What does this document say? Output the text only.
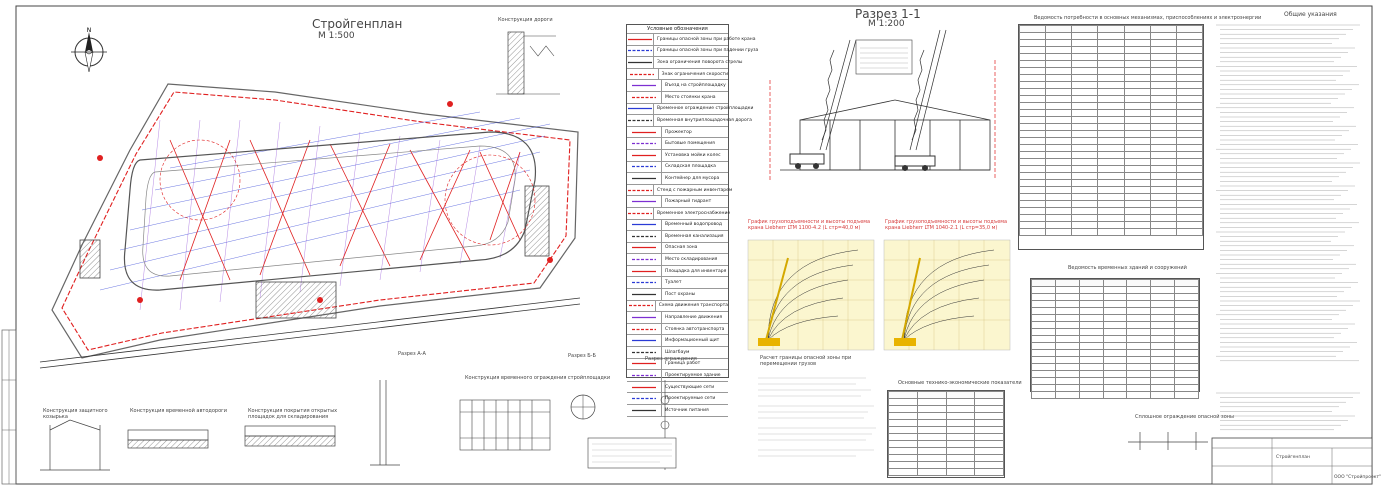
Стройгенплан
М 1:500
N
Конструкция дороги
Условные обозначения
Границы опасной зоны при работе крана
Границы опасной зоны при падении груза
Зона ограничения поворота стрелы
Знак ограничения скорости
Въезд на стройплощадку
Место стоянки крана
Временное ограждение стройплощадки
Временная внутриплощадочная дорога
Прожектор
Бытовые помещения
Установка мойки колес
Складская площадка
Контейнер для мусора
Стенд с пожарным инвентарем
Пожарный гидрант
Временное электроснабжение
Временный водопровод
Временная канализация
Опасная зона
Место складирования
Площадка для инвентаря
Туалет
Пост охраны
Схема движения транспорта
Направление движения
Стоянка автотранспорта
Информационный щит
Шлагбаум
Граница работ
Проектируемое здание
Существующие сети
Проектируемые сети
Источник питания
Разрез 1-1
М 1:200
График грузоподъемности и высоты подъема крана Liebherr LTM 1100-4.2 (L стр=40,0 м)
График грузоподъемности и высоты подъема крана Liebherr LTM 1040-2.1 (L стр=35,0 м)
Расчет границы опасной зоны при перемещении грузов
Основные технико-экономические показатели

Ведомость потребности в основных механизмах, приспособлениях и электроэнергии

Ведомость временных зданий и сооружений

Сплошное ограждение опасной зоны
Общие указания
Конструкция временного ограждения стройплощадки
Разрез А-А	Разрез Б-Б
Конструкция защитного козырька
Конструкция временной автодороги	Конструкция покрытия открытых площадок для складирования
Разрез ограждения
Стройгенплан
ООО "Стройпроект"
